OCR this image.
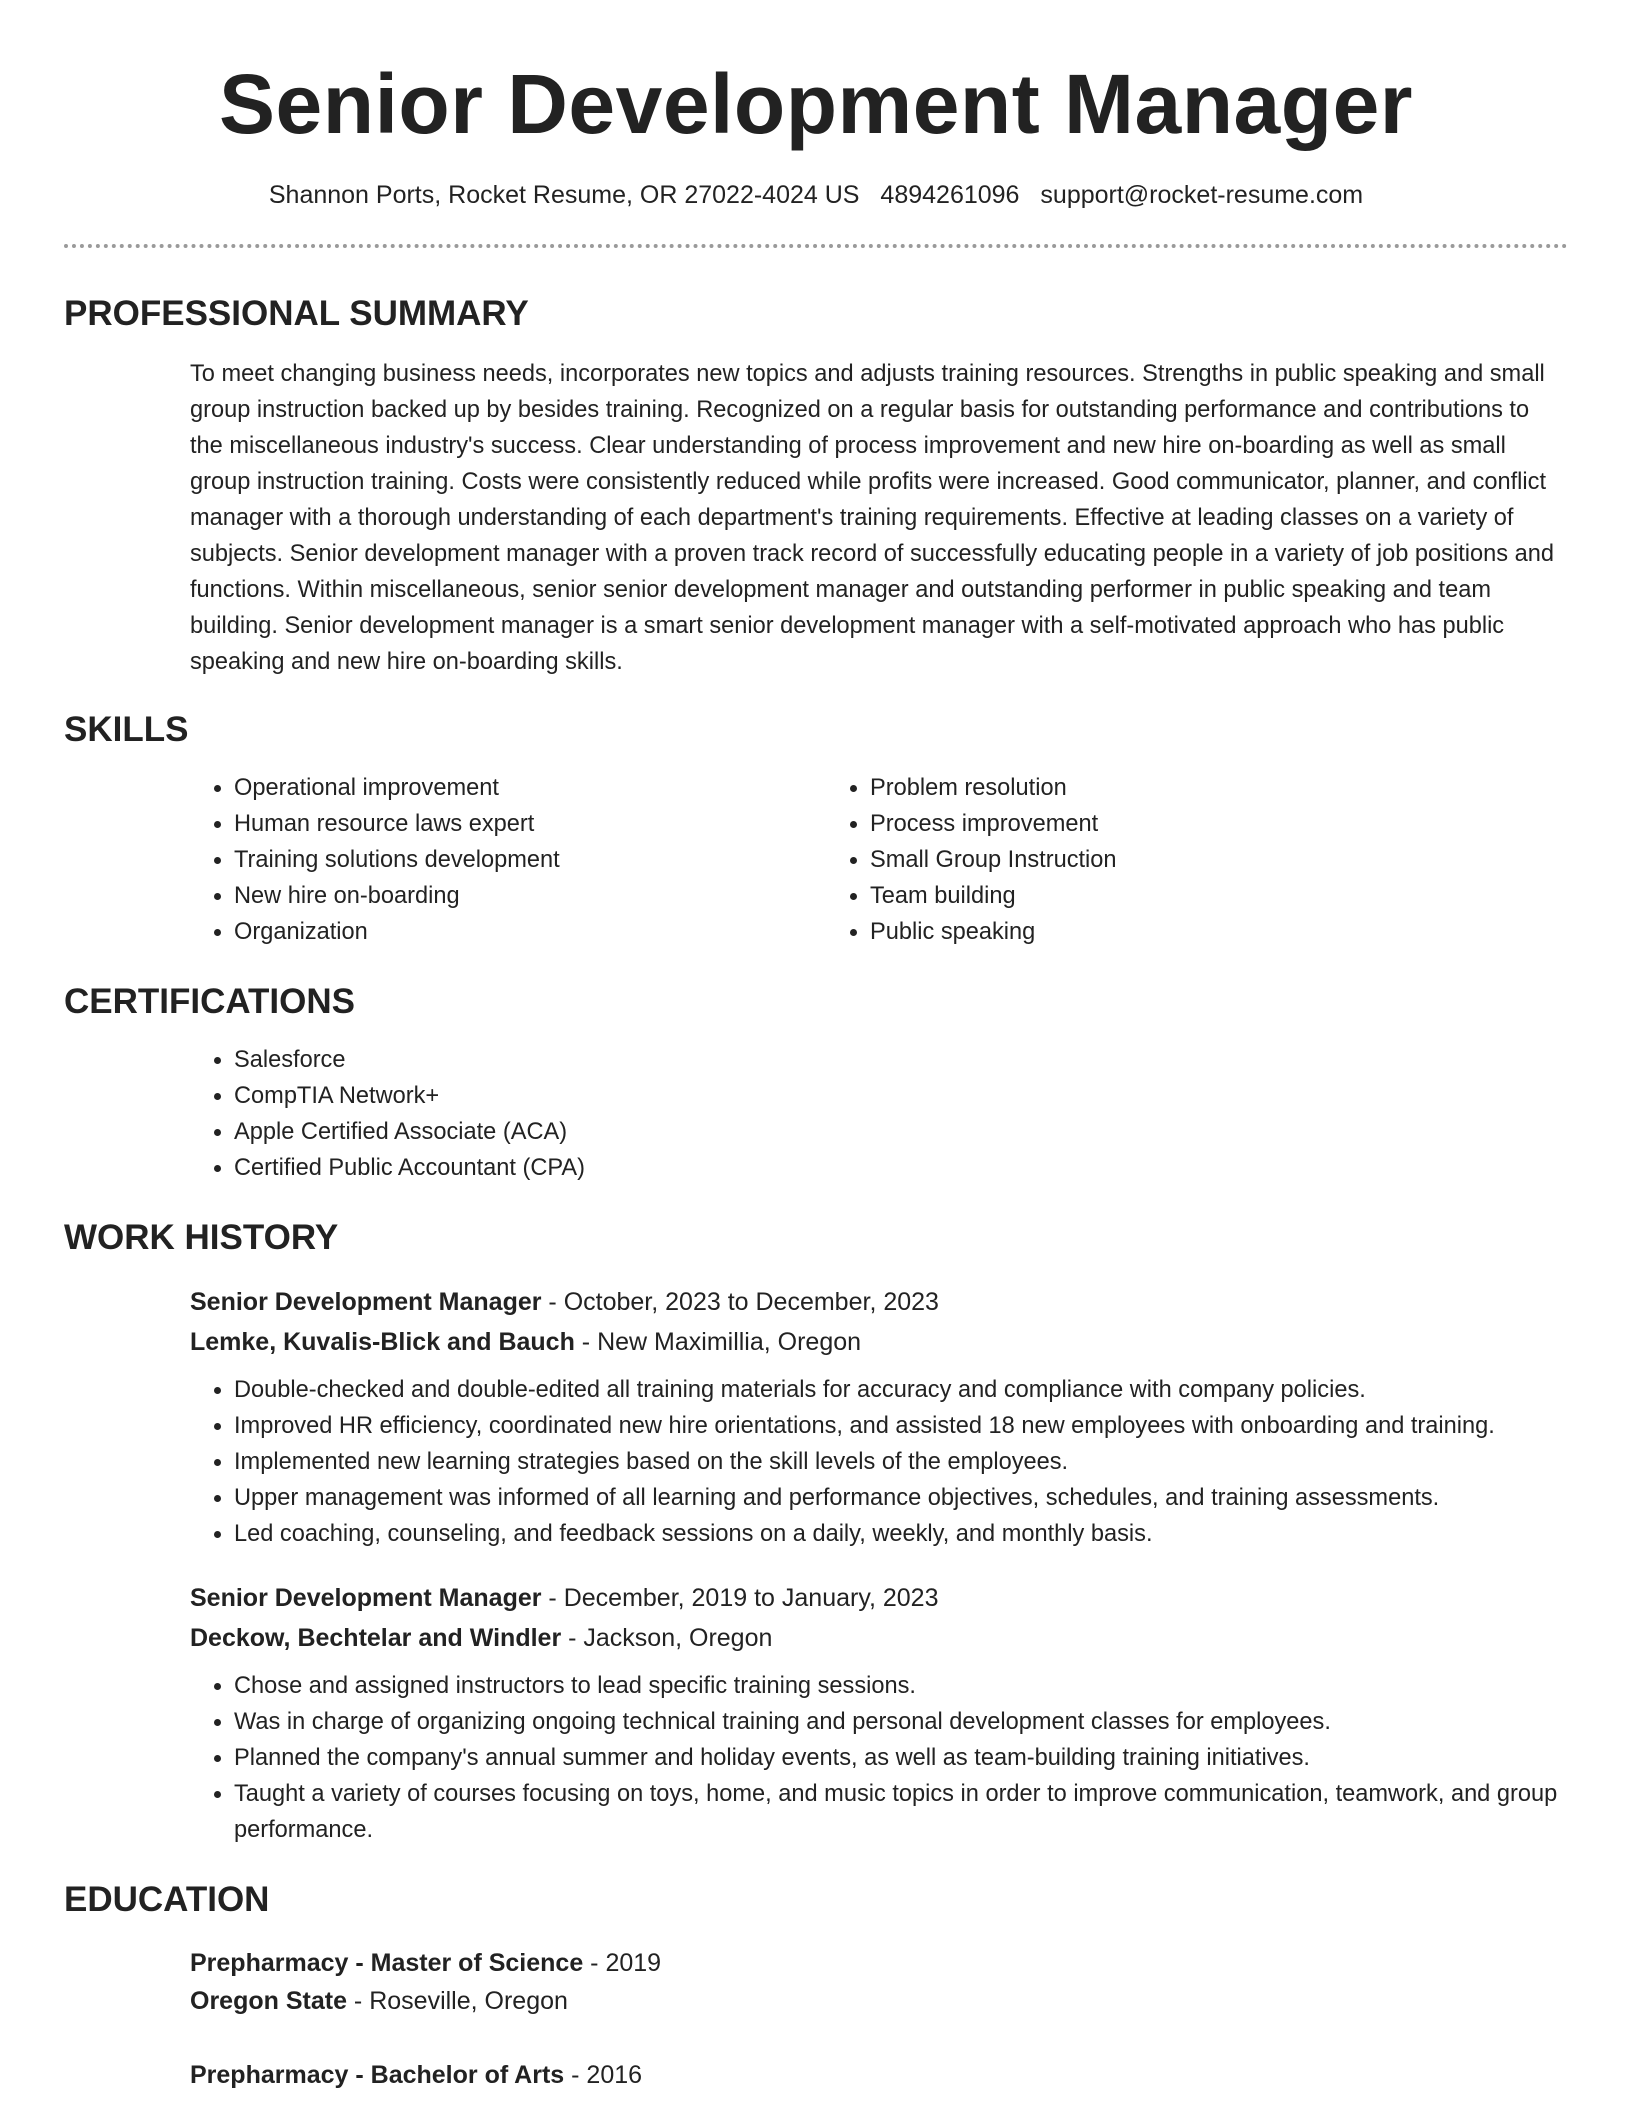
Senior Development Manager
Shannon Ports, Rocket Resume, OR 27022-4024 US 4894261096 support@rocket-resume.com
PROFESSIONAL SUMMARY

To meet changing business needs, incorporates new topics and adjusts training resources. Strengths in public speaking and small group instruction backed up by besides training. Recognized on a regular basis for outstanding performance and contributions to the miscellaneous industry's success. Clear understanding of process improvement and new hire on-boarding as well as small group instruction training. Costs were consistently reduced while profits were increased. Good communicator, planner, and conflict manager with a thorough understanding of each department's training requirements. Effective at leading classes on a variety of subjects. Senior development manager with a proven track record of successfully educating people in a variety of job positions and functions. Within miscellaneous, senior senior development manager and outstanding performer in public speaking and team building. Senior development manager is a smart senior development manager with a self-motivated approach who has public speaking and new hire on-boarding skills.

SKILLS
• Operational improvement
• Human resource laws expert
• Training solutions development
• New hire on-boarding
• Organization
• Problem resolution
• Process improvement
• Small Group Instruction
• Team building
• Public speaking
CERTIFICATIONS
• Salesforce
• CompTIA Network+
• Apple Certified Associate (ACA)
• Certified Public Accountant (CPA)
WORK HISTORY
Senior Development Manager - October, 2023 to December, 2023
Lemke, Kuvalis-Blick and Bauch - New Maximillia, Oregon
• Double-checked and double-edited all training materials for accuracy and compliance with company policies.
• Improved HR efficiency, coordinated new hire orientations, and assisted 18 new employees with onboarding and training.
• Implemented new learning strategies based on the skill levels of the employees.
• Upper management was informed of all learning and performance objectives, schedules, and training assessments.
• Led coaching, counseling, and feedback sessions on a daily, weekly, and monthly basis.
Senior Development Manager - December, 2019 to January, 2023
Deckow, Bechtelar and Windler - Jackson, Oregon
• Chose and assigned instructors to lead specific training sessions.
• Was in charge of organizing ongoing technical training and personal development classes for employees.
• Planned the company's annual summer and holiday events, as well as team-building training initiatives.
• Taught a variety of courses focusing on toys, home, and music topics in order to improve communication, teamwork, and group performance.
EDUCATION
Prepharmacy - Master of Science - 2019
Oregon State - Roseville, Oregon
Prepharmacy - Bachelor of Arts - 2016
